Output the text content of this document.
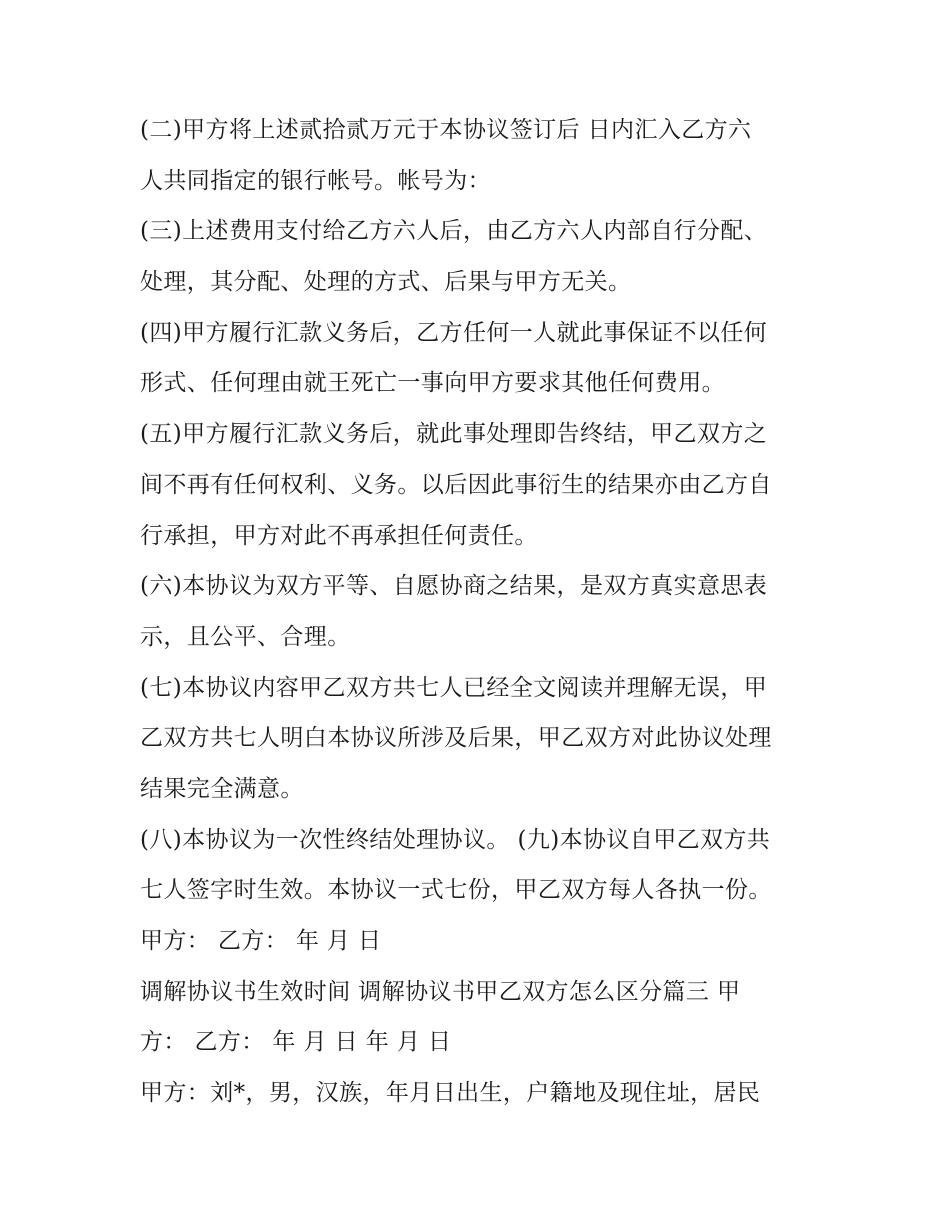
(二)甲方将上述贰拾贰万元于本协议签订后 日内汇入乙方六
人共同指定的银行帐号。帐号为：
(三)上述费用支付给乙方六人后，由乙方六人内部自行分配、
处理，其分配、处理的方式、后果与甲方无关。
(四)甲方履行汇款义务后，乙方任何一人就此事保证不以任何
形式、任何理由就王死亡一事向甲方要求其他任何费用。
(五)甲方履行汇款义务后，就此事处理即告终结，甲乙双方之
间不再有任何权利、义务。以后因此事衍生的结果亦由乙方自
行承担，甲方对此不再承担任何责任。
(六)本协议为双方平等、自愿协商之结果，是双方真实意思表
示，且公平、合理。
(七)本协议内容甲乙双方共七人已经全文阅读并理解无误，甲
乙双方共七人明白本协议所涉及后果，甲乙双方对此协议处理
结果完全满意。
(八)本协议为一次性终结处理协议。 (九)本协议自甲乙双方共
七人签字时生效。本协议一式七份，甲乙双方每人各执一份。
甲方： 乙方： 年 月 日
调解协议书生效时间 调解协议书甲乙双方怎么区分篇三 甲
方： 乙方： 年 月 日 年 月 日
甲方：刘*，男，汉族，年月日出生，户籍地及现住址，居民
